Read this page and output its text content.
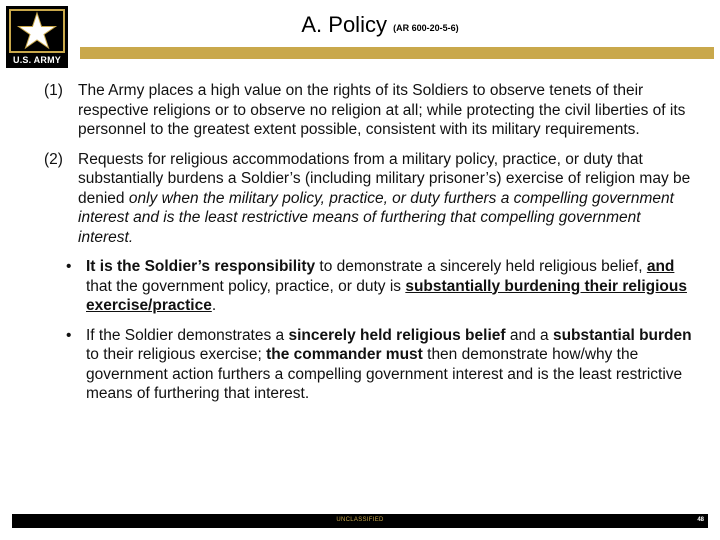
U.S. ARMY
A. Policy (AR 600-20-5-6)
(1) The Army places a high value on the rights of its Soldiers to observe tenets of their respective religions or to observe no religion at all; while protecting the civil liberties of its personnel to the greatest extent possible, consistent with its military requirements.
(2) Requests for religious accommodations from a military policy, practice, or duty that substantially burdens a Soldier’s (including military prisoner’s) exercise of religion may be denied only when the military policy, practice, or duty furthers a compelling government interest and is the least restrictive means of furthering that compelling government interest.
• It is the Soldier’s responsibility to demonstrate a sincerely held religious belief, and that the government policy, practice, or duty is substantially burdening their religious exercise/practice.
• If the Soldier demonstrates a sincerely held religious belief and a substantial burden to their religious exercise; the commander must then demonstrate how/why the government action furthers a compelling government interest and is the least restrictive means of furthering that interest.
UNCLASSIFIED	48
